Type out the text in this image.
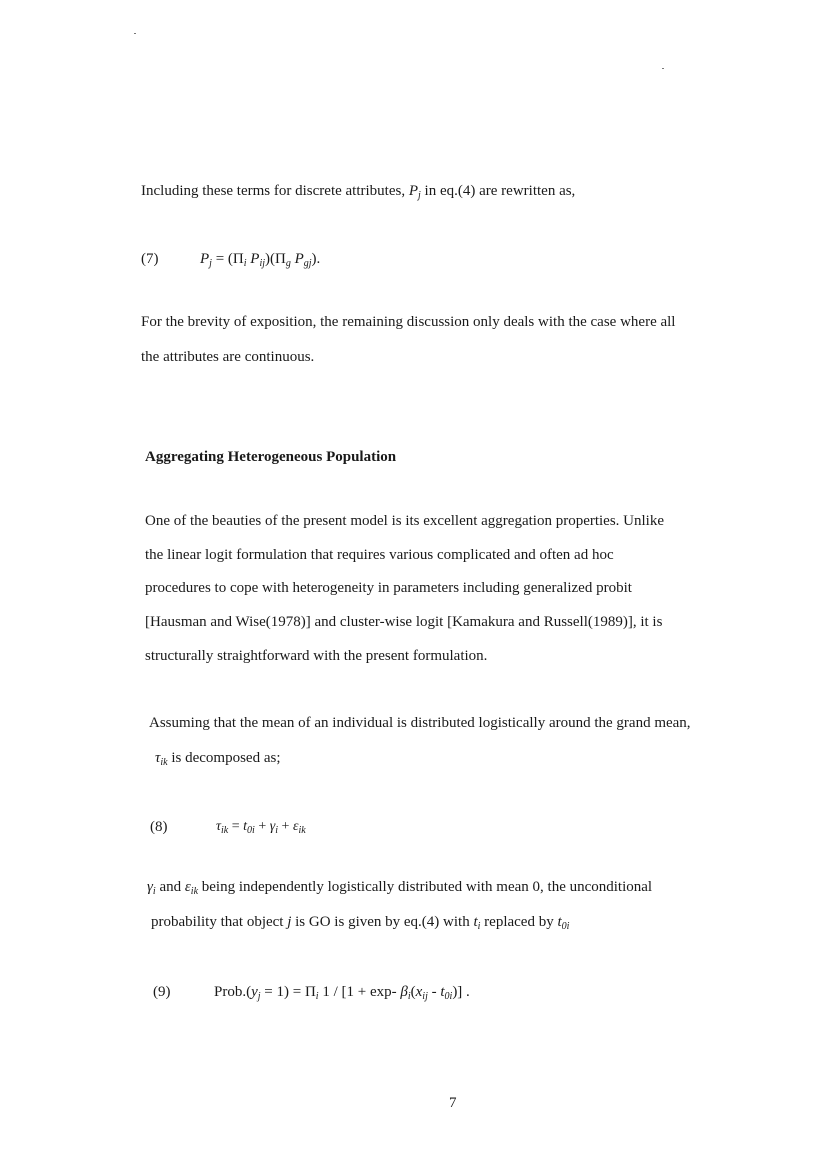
Including these terms for discrete attributes, $P_j$ in eq.(4) are rewritten as,
(7)	$P_j = (\Pi_i$ $P_{ij})(\Pi_g$ $P_{gj}$).
For the brevity of exposition, the remaining discussion only deals with the case where all
the attributes are continuous.
Aggregating Heterogeneous Population
One of the beauties of the present model is its excellent aggregation properties. Unlike
the linear logit formulation that requires various complicated and often ad hoc
procedures to cope with heterogeneity in parameters including generalized probit
[Hausman and Wise(1978)] and cluster-wise logit [Kamakura and Russell(1989)], it is
structurally straightforward with the present formulation.
Assuming that the mean of an individual is distributed logistically around the grand mean,
$\tau_{ik}$ is decomposed as;
(8)	$\tau_{ik} = t_{0i} + \gamma_i + \varepsilon_{ik}$
$\gamma_i$ and $\varepsilon_{ik}$ being independently logistically distributed with mean 0, the unconditional
probability that object j is GO is given by eq.(4) with $t_i$ replaced by $t_{0i}$
(9)	$Prob.(y_j = 1) = \Pi_i$ 1 / [1 + exp- $\beta_i(x_{ij} - t_{0i})$] .
7
